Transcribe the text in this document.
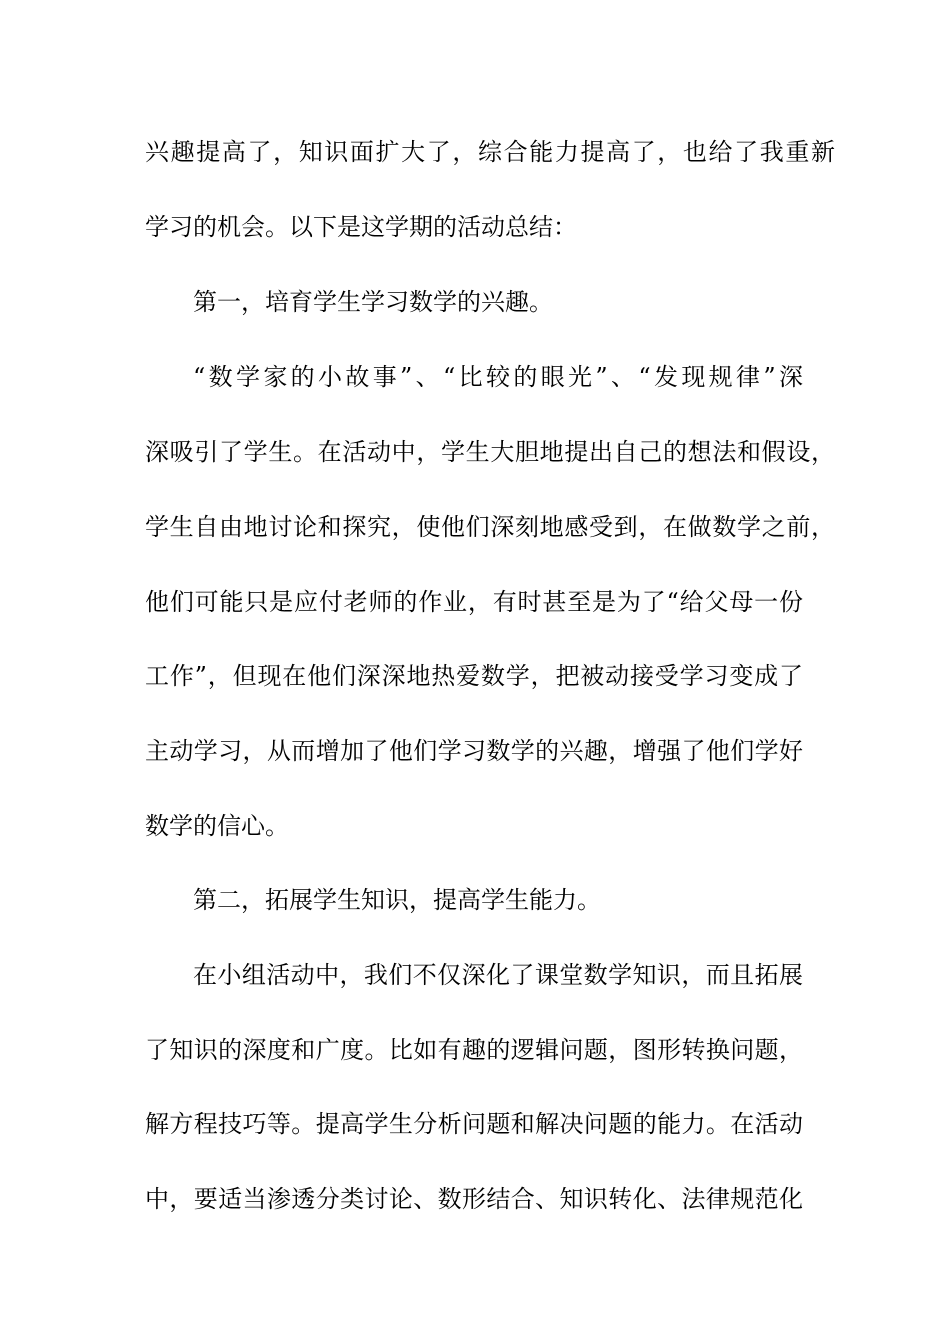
兴趣提高了，知识面扩大了，综合能力提高了，也给了我重新
学习的机会。以下是这学期的活动总结：
第一，培育学生学习数学的兴趣。
“数学家的小故事”、“比较的眼光”、“发现规律”深
深吸引了学生。在活动中，学生大胆地提出自己的想法和假设，
学生自由地讨论和探究，使他们深刻地感受到，在做数学之前，
他们可能只是应付老师的作业，有时甚至是为了“给父母一份
工作”，但现在他们深深地热爱数学，把被动接受学习变成了
主动学习，从而增加了他们学习数学的兴趣，增强了他们学好
数学的信心。
第二，拓展学生知识，提高学生能力。
在小组活动中，我们不仅深化了课堂数学知识，而且拓展
了知识的深度和广度。比如有趣的逻辑问题，图形转换问题，
解方程技巧等。提高学生分析问题和解决问题的能力。在活动
中，要适当渗透分类讨论、数形结合、知识转化、法律规范化
